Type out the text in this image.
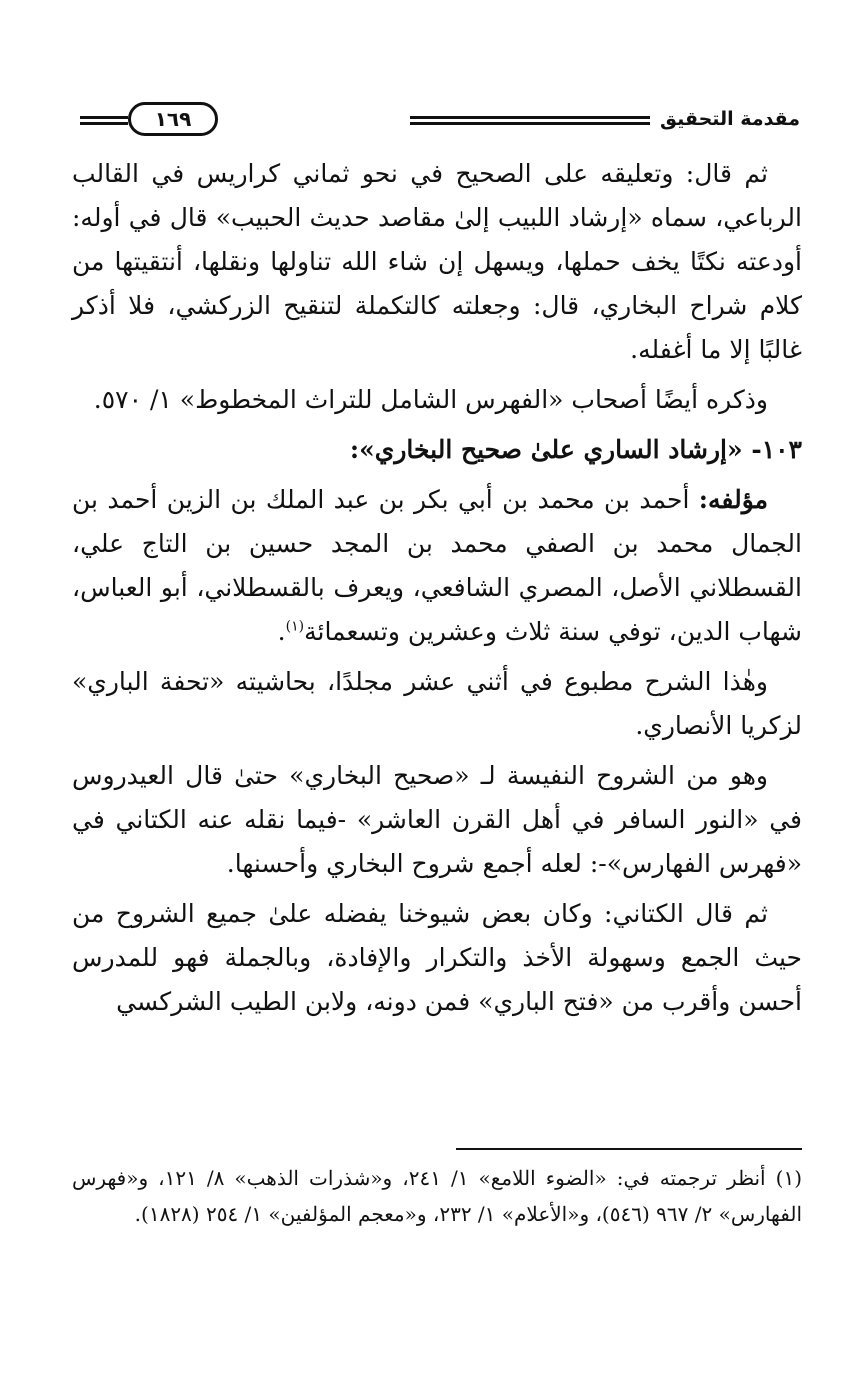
١٦٩	مقدمة التحقيق

ثم قال: وتعليقه على الصحيح في نحو ثماني كراريس في القالب الرباعي، سماه «إرشاد اللبيب إلىٰ مقاصد حديث الحبيب» قال في أوله: أودعته نكتًا يخف حملها، ويسهل إن شاء الله تناولها ونقلها، أنتقيتها من كلام شراح البخاري، قال: وجعلته كالتكملة لتنقيح الزركشي، فلا أذكر غالبًا إلا ما أغفله.

وذكره أيضًا أصحاب «الفهرس الشامل للتراث المخطوط» ١/ ٥٧٠.

١٠٣- «إرشاد الساري علىٰ صحيح البخاري»:

مؤلفه: أحمد بن محمد بن أبي بكر بن عبد الملك بن الزين أحمد بن الجمال محمد بن الصفي محمد بن المجد حسين بن التاج علي، القسطلاني الأصل، المصري الشافعي، ويعرف بالقسطلاني، أبو العباس، شهاب الدين، توفي سنة ثلاث وعشرين وتسعمائة$^{(١)}$.

وهٰذا الشرح مطبوع في أثني عشر مجلدًا، بحاشيته «تحفة الباري» لزكريا الأنصاري.

وهو من الشروح النفيسة لـ «صحيح البخاري» حتىٰ قال العيدروس في «النور السافر في أهل القرن العاشر» -فيما نقله عنه الكتاني في «فهرس الفهارس»-: لعله أجمع شروح البخاري وأحسنها.

ثم قال الكتاني: وكان بعض شيوخنا يفضله علىٰ جميع الشروح من حيث الجمع وسهولة الأخذ والتكرار والإفادة، وبالجملة فهو للمدرس أحسن وأقرب من «فتح الباري» فمن دونه، ولابن الطيب الشركسي

(١) أنظر ترجمته في: «الضوء اللامع» ١/ ٢٤١، و«شذرات الذهب» ٨/ ١٢١، و«فهرس الفهارس» ٢/ ٩٦٧ (٥٤٦)، و«الأعلام» ١/ ٢٣٢، و«معجم المؤلفين» ١/ ٢٥٤ (١٨٢٨).
